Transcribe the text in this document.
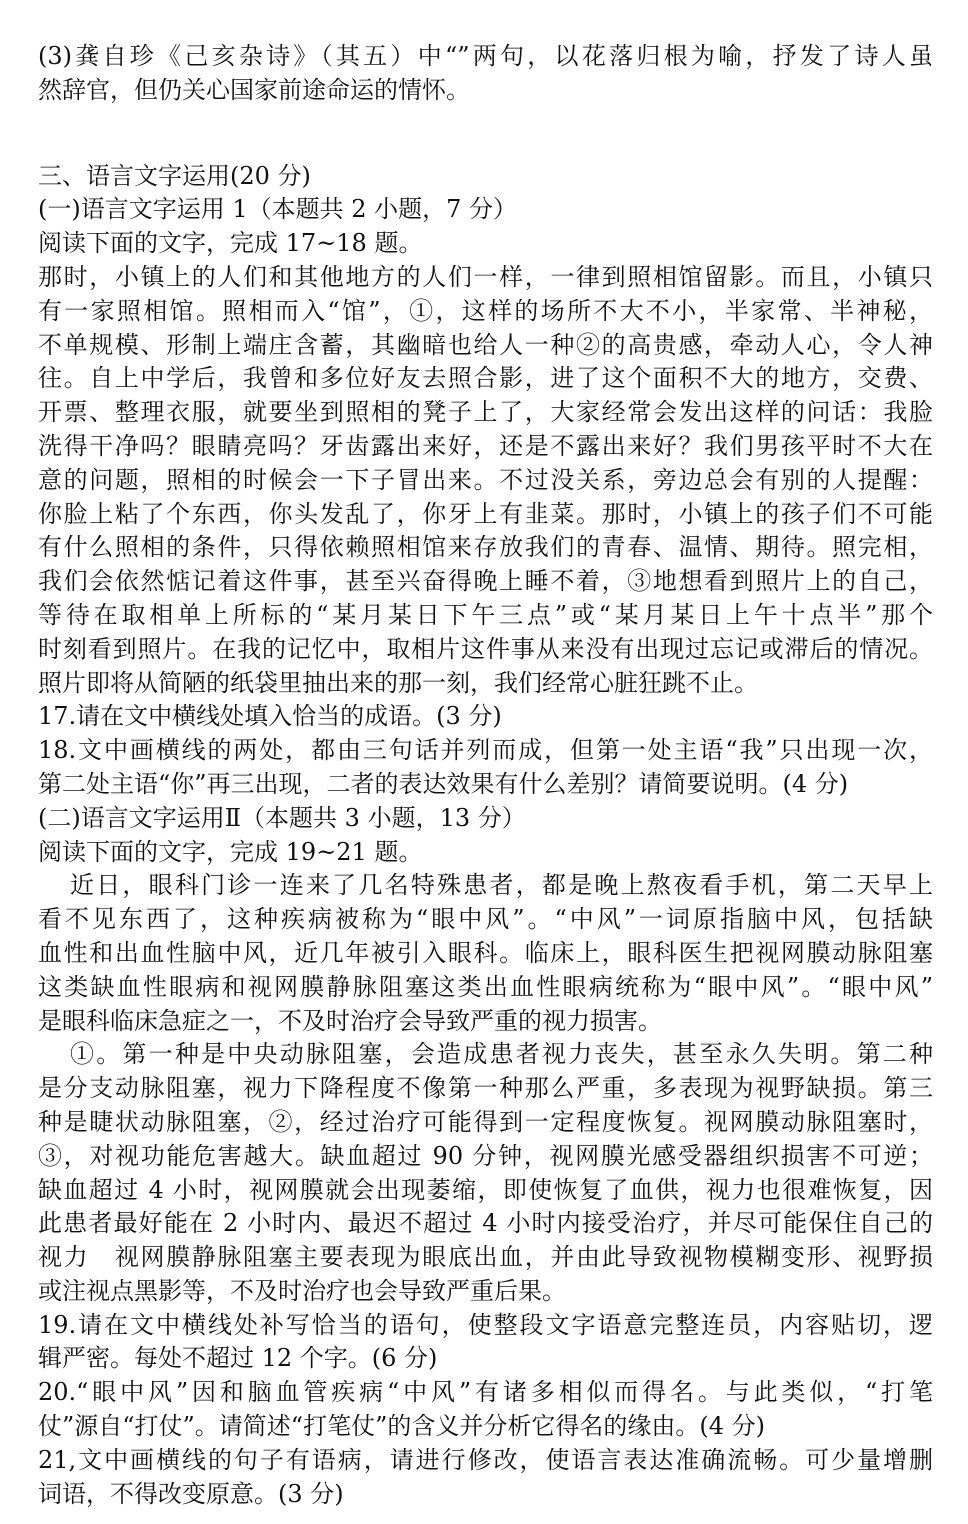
(3)龚自珍《己亥杂诗》（其五）中“”两句，以花落归根为喻，抒发了诗人虽
然辞官，但仍关心国家前途命运的情怀。
三、语言文字运用(20 分)
(一)语言文字运用 1（本题共 2 小题，7 分）
阅读下面的文字，完成 17~18 题。
那时，小镇上的人们和其他地方的人们一样，一律到照相馆留影。而且，小镇只
有一家照相馆。照相而入“馆”，①，这样的场所不大不小，半家常、半神秘，
不单规模、形制上端庄含蓄，其幽暗也给人一种②的高贵感，牵动人心，令人神
往。自上中学后，我曾和多位好友去照合影，进了这个面积不大的地方，交费、
开票、整理衣服，就要坐到照相的凳子上了，大家经常会发出这样的问话：我脸
洗得干净吗？眼睛亮吗？牙齿露出来好，还是不露出来好？我们男孩平时不大在
意的问题，照相的时候会一下子冒出来。不过没关系，旁边总会有别的人提醒：
你脸上粘了个东西，你头发乱了，你牙上有韭菜。那时，小镇上的孩子们不可能
有什么照相的条件，只得依赖照相馆来存放我们的青春、温情、期待。照完相，
我们会依然惦记着这件事，甚至兴奋得晚上睡不着，③地想看到照片上的自己，
等待在取相单上所标的“某月某日下午三点”或“某月某日上午十点半”那个
时刻看到照片。在我的记忆中，取相片这件事从来没有出现过忘记或滞后的情况。
照片即将从简陋的纸袋里抽出来的那一刻，我们经常心脏狂跳不止。
17.请在文中横线处填入恰当的成语。(3 分)
18.文中画横线的两处，都由三句话并列而成，但第一处主语“我”只出现一次，
第二处主语“你”再三出现，二者的表达效果有什么差别？请简要说明。(4 分)
(二)语言文字运用Ⅱ（本题共 3 小题，13 分）
阅读下面的文字，完成 19~21 题。
近日，眼科门诊一连来了几名特殊患者，都是晚上熬夜看手机，第二天早上
看不见东西了，这种疾病被称为“眼中风”。“中风”一词原指脑中风，包括缺
血性和出血性脑中风，近几年被引入眼科。临床上，眼科医生把视网膜动脉阻塞
这类缺血性眼病和视网膜静脉阻塞这类出血性眼病统称为“眼中风”。“眼中风”
是眼科临床急症之一，不及时治疗会导致严重的视力损害。
①。第一种是中央动脉阻塞，会造成患者视力丧失，甚至永久失明。第二种
是分支动脉阻塞，视力下降程度不像第一种那么严重，多表现为视野缺损。第三
种是睫状动脉阻塞，②，经过治疗可能得到一定程度恢复。视网膜动脉阻塞时，
③，对视功能危害越大。缺血超过 90 分钟，视网膜光感受器组织损害不可逆；
缺血超过 4 小时，视网膜就会出现萎缩，即使恢复了血供，视力也很难恢复，因
此患者最好能在 2 小时内、最迟不超过 4 小时内接受治疗，并尽可能保住自己的
视力　视网膜静脉阻塞主要表现为眼底出血，并由此导致视物模糊变形、视野损
或注视点黑影等，不及时治疗也会导致严重后果。
19.请在文中横线处补写恰当的语句，使整段文字语意完整连员，内容贴切，逻
辑严密。每处不超过 12 个字。(6 分)
20.“眼中风”因和脑血管疾病“中风”有诸多相似而得名。与此类似，“打笔
仗”源自“打仗”。请简述“打笔仗”的含义并分析它得名的缘由。(4 分)
21,文中画横线的句子有语病，请进行修改，使语言表达准确流畅。可少量增删
词语，不得改变原意。(3 分)
